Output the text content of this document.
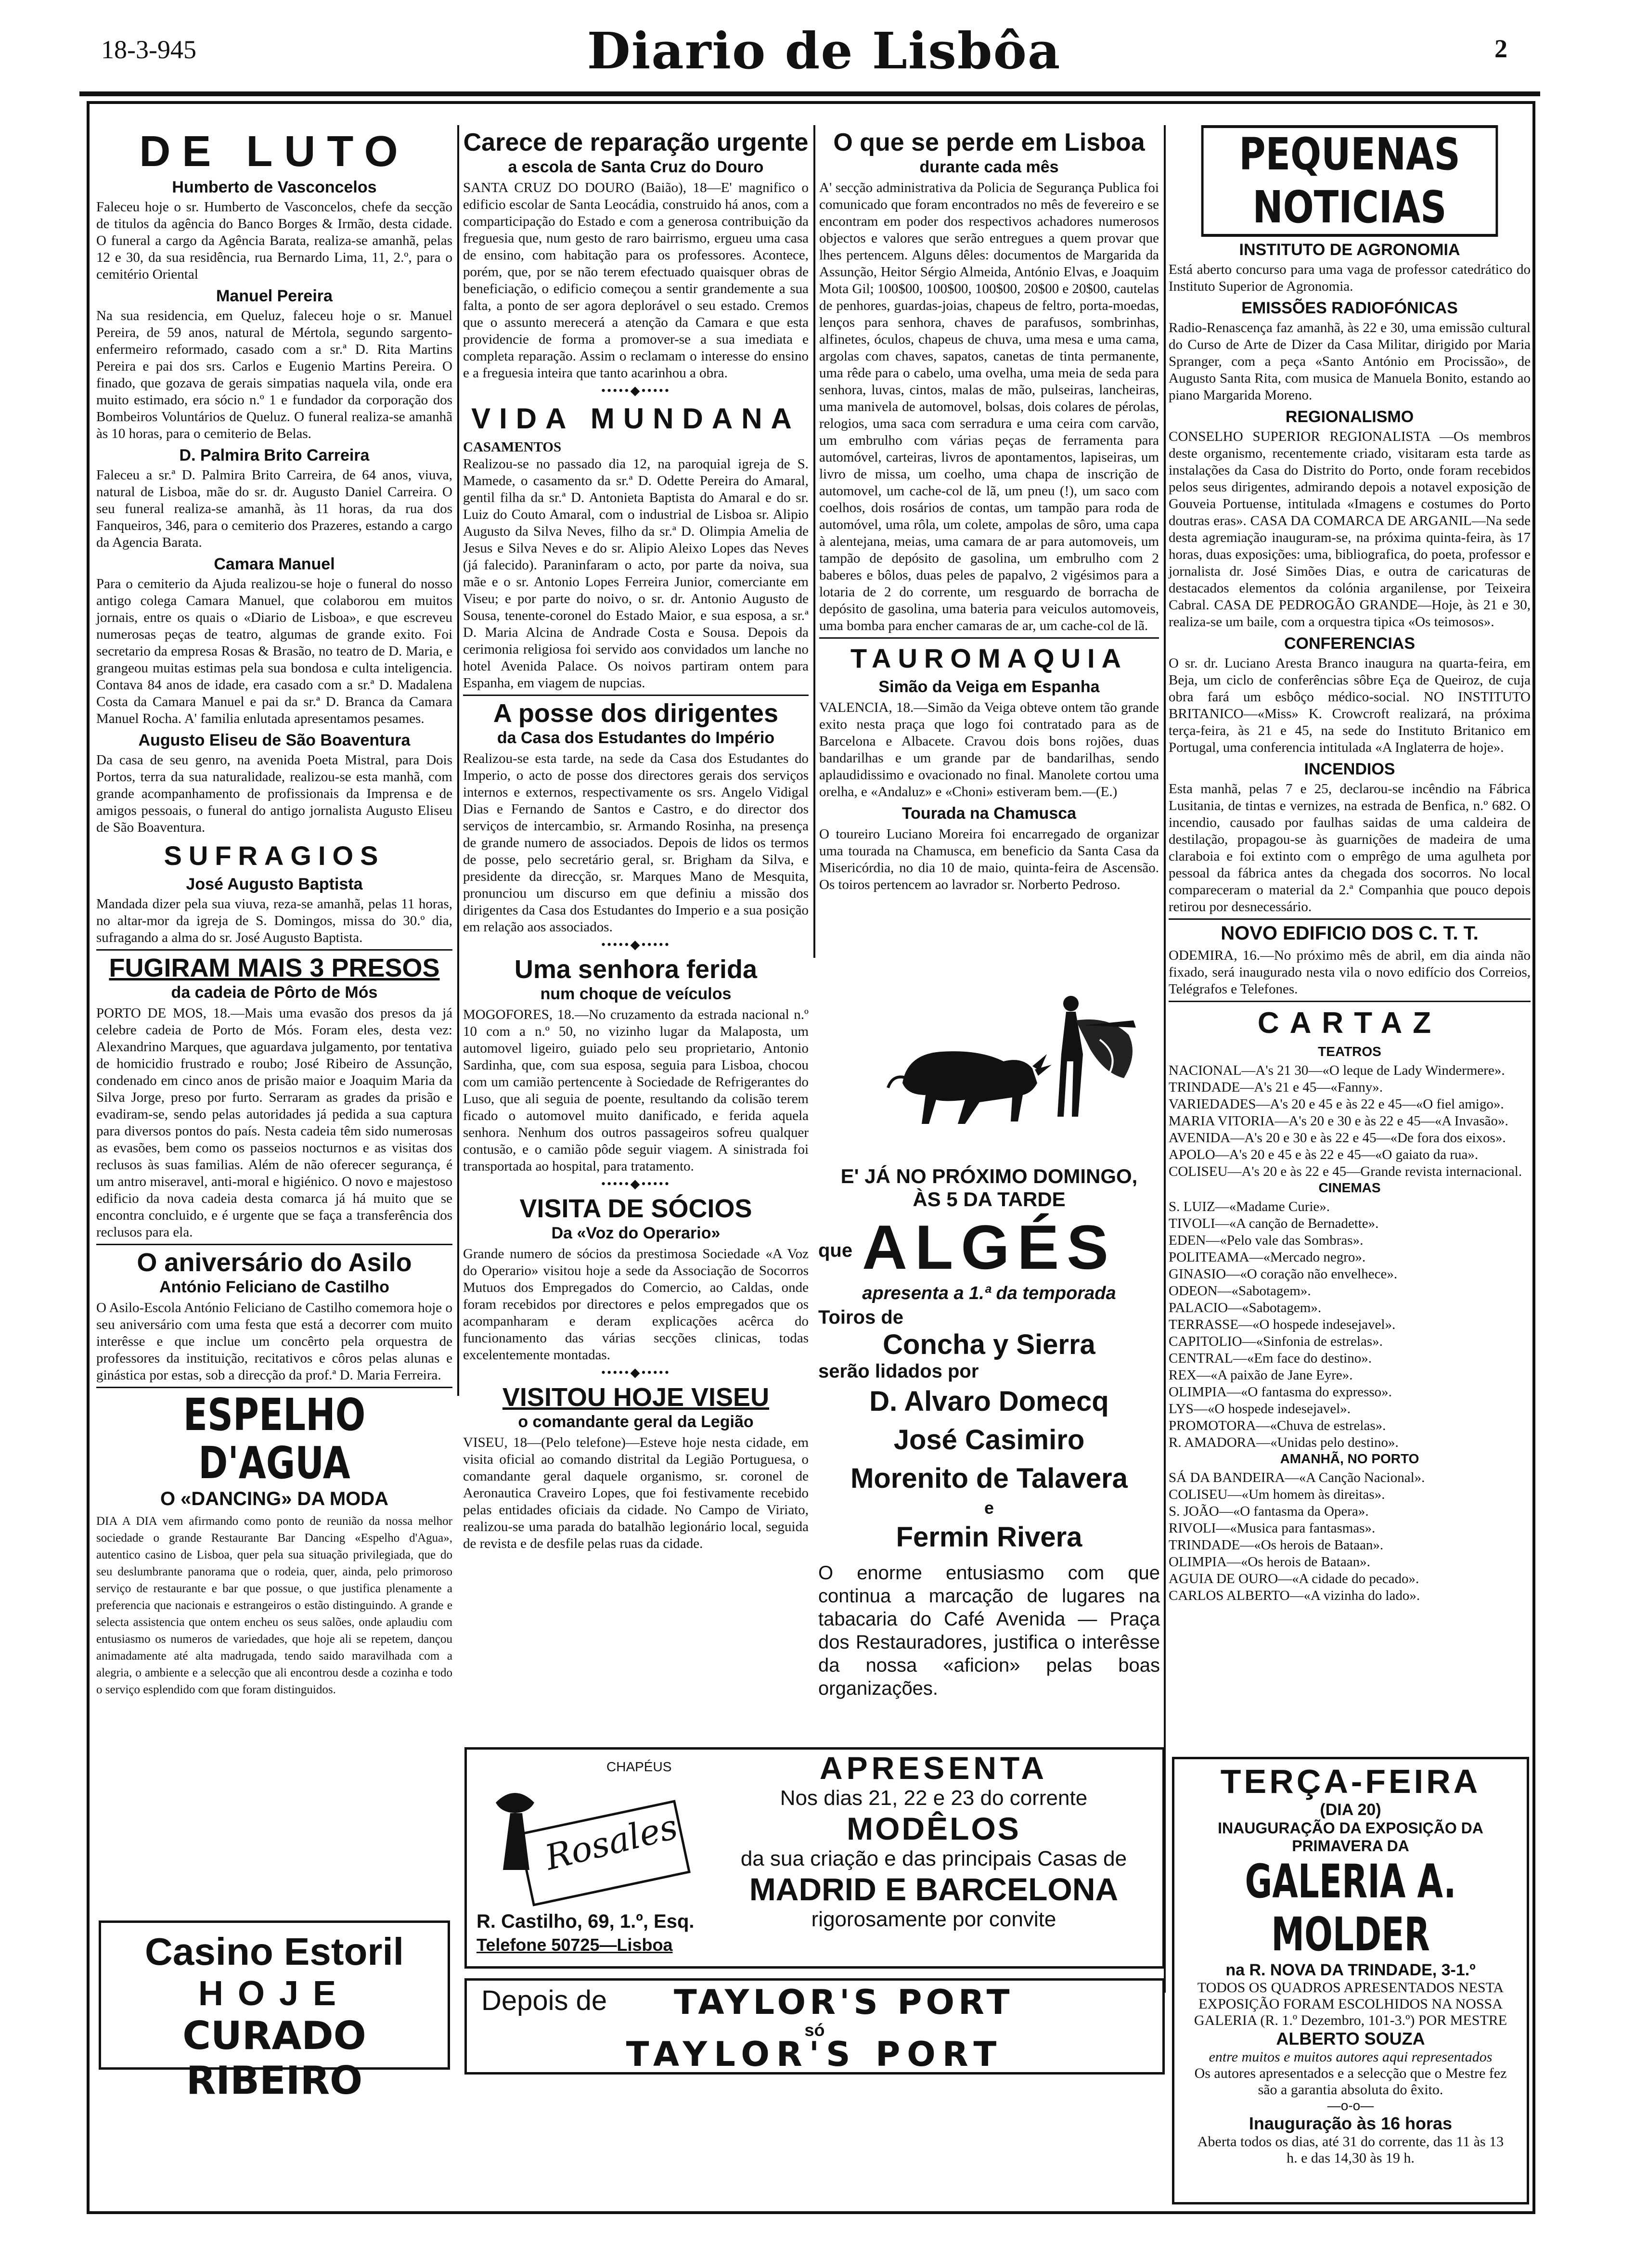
18-3-945	Diario de Lisbôa	2
DE LUTO
Humberto de Vasconcelos
Faleceu hoje o sr. Humberto de Vasconcelos, chefe da secção de titulos da agência do Banco Borges & Irmão, desta cidade. O funeral a cargo da Agência Barata, realiza-se amanhã, pelas 12 e 30, da sua residência, rua Bernardo Lima, 11, 2.º, para o cemitério Oriental
Manuel Pereira
Na sua residencia, em Queluz, faleceu hoje o sr. Manuel Pereira, de 59 anos, natural de Mértola, segundo sargento-enfermeiro reformado, casado com a sr.ª D. Rita Martins Pereira e pai dos srs. Carlos e Eugenio Martins Pereira. O finado, que gozava de gerais simpatias naquela vila, onde era muito estimado, era sócio n.º 1 e fundador da corporação dos Bombeiros Voluntários de Queluz. O funeral realiza-se amanhã às 10 horas, para o cemiterio de Belas.
D. Palmira Brito Carreira
Faleceu a sr.ª D. Palmira Brito Carreira, de 64 anos, viuva, natural de Lisboa, mãe do sr. dr. Augusto Daniel Carreira. O seu funeral realiza-se amanhã, às 11 horas, da rua dos Fanqueiros, 346, para o cemiterio dos Prazeres, estando a cargo da Agencia Barata.
Camara Manuel
Para o cemiterio da Ajuda realizou-se hoje o funeral do nosso antigo colega Camara Manuel, que colaborou em muitos jornais, entre os quais o «Diario de Lisboa», e que escreveu numerosas peças de teatro, algumas de grande exito. Foi secretario da empresa Rosas & Brasão, no teatro de D. Maria, e grangeou muitas estimas pela sua bondosa e culta inteligencia. Contava 84 anos de idade, era casado com a sr.ª D. Madalena Costa da Camara Manuel e pai da sr.ª D. Branca da Camara Manuel Rocha. A' familia enlutada apresentamos pesames.
Augusto Eliseu de São Boaventura
Da casa de seu genro, na avenida Poeta Mistral, para Dois Portos, terra da sua naturalidade, realizou-se esta manhã, com grande acompanhamento de profissionais da Imprensa e de amigos pessoais, o funeral do antigo jornalista Augusto Eliseu de São Boaventura.
SUFRAGIOS
José Augusto Baptista
Mandada dizer pela sua viuva, reza-se amanhã, pelas 11 horas, no altar-mor da igreja de S. Domingos, missa do 30.º dia, sufragando a alma do sr. José Augusto Baptista.
FUGIRAM MAIS 3 PRESOS
da cadeia de Pôrto de Mós
PORTO DE MOS, 18.—Mais uma evasão dos presos da já celebre cadeia de Porto de Mós. Foram eles, desta vez: Alexandrino Marques, que aguardava julgamento, por tentativa de homicidio frustrado e roubo; José Ribeiro de Assunção, condenado em cinco anos de prisão maior e Joaquim Maria da Silva Jorge, preso por furto. Serraram as grades da prisão e evadiram-se, sendo pelas autoridades já pedida a sua captura para diversos pontos do país. Nesta cadeia têm sido numerosas as evasões, bem como os passeios nocturnos e as visitas dos reclusos às suas familias. Além de não oferecer segurança, é um antro miseravel, anti-moral e higiénico. O novo e majestoso edificio da nova cadeia desta comarca já há muito que se encontra concluido, e é urgente que se faça a transferência dos reclusos para ela.
O aniversário do Asilo
António Feliciano de Castilho
O Asilo-Escola António Feliciano de Castilho comemora hoje o seu aniversário com uma festa que está a decorrer com muito interêsse e que inclue um concêrto pela orquestra de professores da instituição, recitativos e côros pelas alunas e ginástica por estas, sob a direcção da prof.ª D. Maria Ferreira.
ESPELHO D'AGUA
O «DANCING» DA MODA
DIA A DIA vem afirmando como ponto de reunião da nossa melhor sociedade o grande Restaurante Bar Dancing «Espelho d'Agua», autentico casino de Lisboa, quer pela sua situação privilegiada, que do seu deslumbrante panorama que o rodeia, quer, ainda, pelo primoroso serviço de restaurante e bar que possue, o que justifica plenamente a preferencia que nacionais e estrangeiros o estão distinguindo. A grande e selecta assistencia que ontem encheu os seus salões, onde aplaudiu com entusiasmo os numeros de variedades, que hoje ali se repetem, dançou animadamente até alta madrugada, tendo saido maravilhada com a alegria, o ambiente e a selecção que ali encontrou desde a cozinha e todo o serviço esplendido com que foram distinguidos.
Casino Estoril
HOJE
CURADO RIBEIRO
Carece de reparação urgente
a escola de Santa Cruz do Douro
SANTA CRUZ DO DOURO (Baião), 18—E' magnifico o edificio escolar de Santa Leocádia, construido há anos, com a comparticipação do Estado e com a generosa contribuição da freguesia que, num gesto de raro bairrismo, ergueu uma casa de ensino, com habitação para os professores. Acontece, porém, que, por se não terem efectuado quaisquer obras de beneficiação, o edificio começou a sentir grandemente a sua falta, a ponto de ser agora deplorável o seu estado. Cremos que o assunto merecerá a atenção da Camara e que esta providencie de forma a promover-se a sua imediata e completa reparação. Assim o reclamam o interesse do ensino e a freguesia inteira que tanto acarinhou a obra.
•••••◆•••••
VIDA MUNDANA
CASAMENTOS
Realizou-se no passado dia 12, na paroquial igreja de S. Mamede, o casamento da sr.ª D. Odette Pereira do Amaral, gentil filha da sr.ª D. Antonieta Baptista do Amaral e do sr. Luiz do Couto Amaral, com o industrial de Lisboa sr. Alipio Augusto da Silva Neves, filho da sr.ª D. Olimpia Amelia de Jesus e Silva Neves e do sr. Alipio Aleixo Lopes das Neves (já falecido). Paraninfaram o acto, por parte da noiva, sua mãe e o sr. Antonio Lopes Ferreira Junior, comerciante em Viseu; e por parte do noivo, o sr. dr. Antonio Augusto de Sousa, tenente-coronel do Estado Maior, e sua esposa, a sr.ª D. Maria Alcina de Andrade Costa e Sousa. Depois da cerimonia religiosa foi servido aos convidados um lanche no hotel Avenida Palace. Os noivos partiram ontem para Espanha, em viagem de nupcias.
A posse dos dirigentes
da Casa dos Estudantes do Império
Realizou-se esta tarde, na sede da Casa dos Estudantes do Imperio, o acto de posse dos directores gerais dos serviços internos e externos, respectivamente os srs. Angelo Vidigal Dias e Fernando de Santos e Castro, e do director dos serviços de intercambio, sr. Armando Rosinha, na presença de grande numero de associados. Depois de lidos os termos de posse, pelo secretário geral, sr. Brigham da Silva, e presidente da direcção, sr. Marques Mano de Mesquita, pronunciou um discurso em que definiu a missão dos dirigentes da Casa dos Estudantes do Imperio e a sua posição em relação aos associados.
•••••◆•••••
Uma senhora ferida
num choque de veículos
MOGOFORES, 18.—No cruzamento da estrada nacional n.º 10 com a n.º 50, no vizinho lugar da Malaposta, um automovel ligeiro, guiado pelo seu proprietario, Antonio Sardinha, que, com sua esposa, seguia para Lisboa, chocou com um camião pertencente à Sociedade de Refrigerantes do Luso, que ali seguia de poente, resultando da colisão terem ficado o automovel muito danificado, e ferida aquela senhora. Nenhum dos outros passageiros sofreu qualquer contusão, e o camião pôde seguir viagem. A sinistrada foi transportada ao hospital, para tratamento.
•••••◆•••••
VISITA DE SÓCIOS
Da «Voz do Operario»
Grande numero de sócios da prestimosa Sociedade «A Voz do Operario» visitou hoje a sede da Associação de Socorros Mutuos dos Empregados do Comercio, ao Caldas, onde foram recebidos por directores e pelos empregados que os acompanharam e deram explicações acêrca do funcionamento das várias secções clinicas, todas excelentemente montadas.
•••••◆•••••
VISITOU HOJE VISEU
o comandante geral da Legião
VISEU, 18—(Pelo telefone)—Esteve hoje nesta cidade, em visita oficial ao comando distrital da Legião Portuguesa, o comandante geral daquele organismo, sr. coronel de Aeronautica Craveiro Lopes, que foi festivamente recebido pelas entidades oficiais da cidade. No Campo de Viriato, realizou-se uma parada do batalhão legionário local, seguida de revista e de desfile pelas ruas da cidade.
O que se perde em Lisboa
durante cada mês
A' secção administrativa da Policia de Segurança Publica foi comunicado que foram encontrados no mês de fevereiro e se encontram em poder dos respectivos achadores numerosos objectos e valores que serão entregues a quem provar que lhes pertencem. Alguns dêles: documentos de Margarida da Assunção, Heitor Sérgio Almeida, António Elvas, e Joaquim Mota Gil; 100$00, 100$00, 100$00, 20$00 e 20$00, cautelas de penhores, guardas-joias, chapeus de feltro, porta-moedas, lenços para senhora, chaves de parafusos, sombrinhas, alfinetes, óculos, chapeus de chuva, uma mesa e uma cama, argolas com chaves, sapatos, canetas de tinta permanente, uma rêde para o cabelo, uma ovelha, uma meia de seda para senhora, luvas, cintos, malas de mão, pulseiras, lancheiras, uma manivela de automovel, bolsas, dois colares de pérolas, relogios, uma saca com serradura e uma ceira com carvão, um embrulho com várias peças de ferramenta para automóvel, carteiras, livros de apontamentos, lapiseiras, um livro de missa, um coelho, uma chapa de inscrição de automovel, um cache-col de lã, um pneu (!), um saco com coelhos, dois rosários de contas, um tampão para roda de automóvel, uma rôla, um colete, ampolas de sôro, uma capa à alentejana, meias, uma camara de ar para automoveis, um tampão de depósito de gasolina, um embrulho com 2 baberes e bôlos, duas peles de papalvo, 2 vigésimos para a lotaria de 2 do corrente, um resguardo de borracha de depósito de gasolina, uma bateria para veiculos automoveis, uma bomba para encher camaras de ar, um cache-col de lã.
TAUROMAQUIA
Simão da Veiga em Espanha
VALENCIA, 18.—Simão da Veiga obteve ontem tão grande exito nesta praça que logo foi contratado para as de Barcelona e Albacete. Cravou dois bons rojões, duas bandarilhas e um grande par de bandarilhas, sendo aplaudidissimo e ovacionado no final. Manolete cortou uma orelha, e «Andaluz» e «Choni» estiveram bem.—(E.)
Tourada na Chamusca
O toureiro Luciano Moreira foi encarregado de organizar uma tourada na Chamusca, em beneficio da Santa Casa da Misericórdia, no dia 10 de maio, quinta-feira de Ascensão. Os toiros pertencem ao lavrador sr. Norberto Pedroso.
E' JÁ NO PRÓXIMO DOMINGO,
ÀS 5 DA TARDE
que ALGÉS
apresenta a 1.ª da temporada
Toiros de
Concha y Sierra
serão lidados por
D. Alvaro Domecq
José Casimiro
Morenito de Talavera
e
Fermin Rivera
O enorme entusiasmo com que continua a marcação de lugares na tabacaria do Café Avenida — Praça dos Restauradores, justifica o interêsse da nossa «aficion» pelas boas organizações.
PEQUENAS NOTICIAS
INSTITUTO DE AGRONOMIA
Está aberto concurso para uma vaga de professor catedrático do Instituto Superior de Agronomia.
EMISSÕES RADIOFÓNICAS
Radio-Renascença faz amanhã, às 22 e 30, uma emissão cultural do Curso de Arte de Dizer da Casa Militar, dirigido por Maria Spranger, com a peça «Santo António em Procissão», de Augusto Santa Rita, com musica de Manuela Bonito, estando ao piano Margarida Moreno.
REGIONALISMO
CONSELHO SUPERIOR REGIONALISTA —Os membros deste organismo, recentemente criado, visitaram esta tarde as instalações da Casa do Distrito do Porto, onde foram recebidos pelos seus dirigentes, admirando depois a notavel exposição de Gouveia Portuense, intitulada «Imagens e costumes do Porto doutras eras». CASA DA COMARCA DE ARGANIL—Na sede desta agremiação inauguram-se, na próxima quinta-feira, às 17 horas, duas exposições: uma, bibliografica, do poeta, professor e jornalista dr. José Simões Dias, e outra de caricaturas de destacados elementos da colónia arganilense, por Teixeira Cabral. CASA DE PEDROGÃO GRANDE—Hoje, às 21 e 30, realiza-se um baile, com a orquestra tipica «Os teimosos».
CONFERENCIAS
O sr. dr. Luciano Aresta Branco inaugura na quarta-feira, em Beja, um ciclo de conferências sôbre Eça de Queiroz, de cuja obra fará um esbôço médico-social. NO INSTITUTO BRITANICO—«Miss» K. Crowcroft realizará, na próxima terça-feira, às 21 e 45, na sede do Instituto Britanico em Portugal, uma conferencia intitulada «A Inglaterra de hoje».
INCENDIOS
Esta manhã, pelas 7 e 25, declarou-se incêndio na Fábrica Lusitania, de tintas e vernizes, na estrada de Benfica, n.º 682. O incendio, causado por faulhas saidas de uma caldeira de destilação, propagou-se às guarnições de madeira de uma claraboia e foi extinto com o emprêgo de uma agulheta por pessoal da fábrica antes da chegada dos socorros. No local compareceram o material da 2.ª Companhia que pouco depois retirou por desnecessário.
NOVO EDIFICIO DOS C. T. T.
ODEMIRA, 16.—No próximo mês de abril, em dia ainda não fixado, será inaugurado nesta vila o novo edifício dos Correios, Telégrafos e Telefones.
CARTAZ
TEATROS
NACIONAL—A's 21 30—«O leque de Lady Windermere».
TRINDADE—A's 21 e 45—«Fanny».
VARIEDADES—A's 20 e 45 e às 22 e 45—«O fiel amigo».
MARIA VITORIA—A's 20 e 30 e às 22 e 45—«A Invasão».
AVENIDA—A's 20 e 30 e às 22 e 45—«De fora dos eixos».
APOLO—A's 20 e 45 e às 22 e 45—«O gaiato da rua».
COLISEU—A's 20 e às 22 e 45—Grande revista internacional.
CINEMAS
S. LUIZ—«Madame Curie».
TIVOLI—«A canção de Bernadette».
EDEN—«Pelo vale das Sombras».
POLITEAMA—«Mercado negro».
GINASIO—«O coração não envelhece».
ODEON—«Sabotagem».
PALACIO—«Sabotagem».
TERRASSE—«O hospede indesejavel».
CAPITOLIO—«Sinfonia de estrelas».
CENTRAL—«Em face do destino».
REX—«A paixão de Jane Eyre».
OLIMPIA—«O fantasma do expresso».
LYS—«O hospede indesejavel».
PROMOTORA—«Chuva de estrelas».
R. AMADORA—«Unidas pelo destino».
AMANHÃ, NO PORTO
SÁ DA BANDEIRA—«A Canção Nacional».
COLISEU—«Um homem às direitas».
S. JOÃO—«O fantasma da Opera».
RIVOLI—«Musica para fantasmas».
TRINDADE—«Os herois de Bataan».
OLIMPIA—«Os herois de Bataan».
AGUIA DE OURO—«A cidade do pecado».
CARLOS ALBERTO—«A vizinha do lado».
TERÇA-FEIRA
(DIA 20)
INAUGURAÇÃO DA EXPOSIÇÃO DA PRIMAVERA DA
GALERIA A. MOLDER
na R. NOVA DA TRINDADE, 3-1.º
TODOS OS QUADROS APRESENTADOS NESTA EXPOSIÇÃO FORAM ESCOLHIDOS NA NOSSA GALERIA (R. 1.º Dezembro, 101-3.º) POR MESTRE
ALBERTO SOUZA
entre muitos e muitos autores aqui representados
Os autores apresentados e a selecção que o Mestre fez são a garantia absoluta do êxito.
—o-o—
Inauguração às 16 horas
Aberta todos os dias, até 31 do corrente, das 11 às 13 h. e das 14,30 às 19 h.
CHAPÉUS
Rosales
R. Castilho, 69, 1.º, Esq.
Telefone 50725—Lisboa
APRESENTA
Nos dias 21, 22 e 23 do corrente
MODÊLOS
da sua criação e das principais Casas de
MADRID E BARCELONA
rigorosamente por convite
Depois de TAYLOR'S PORT
só
TAYLOR'S PORT
